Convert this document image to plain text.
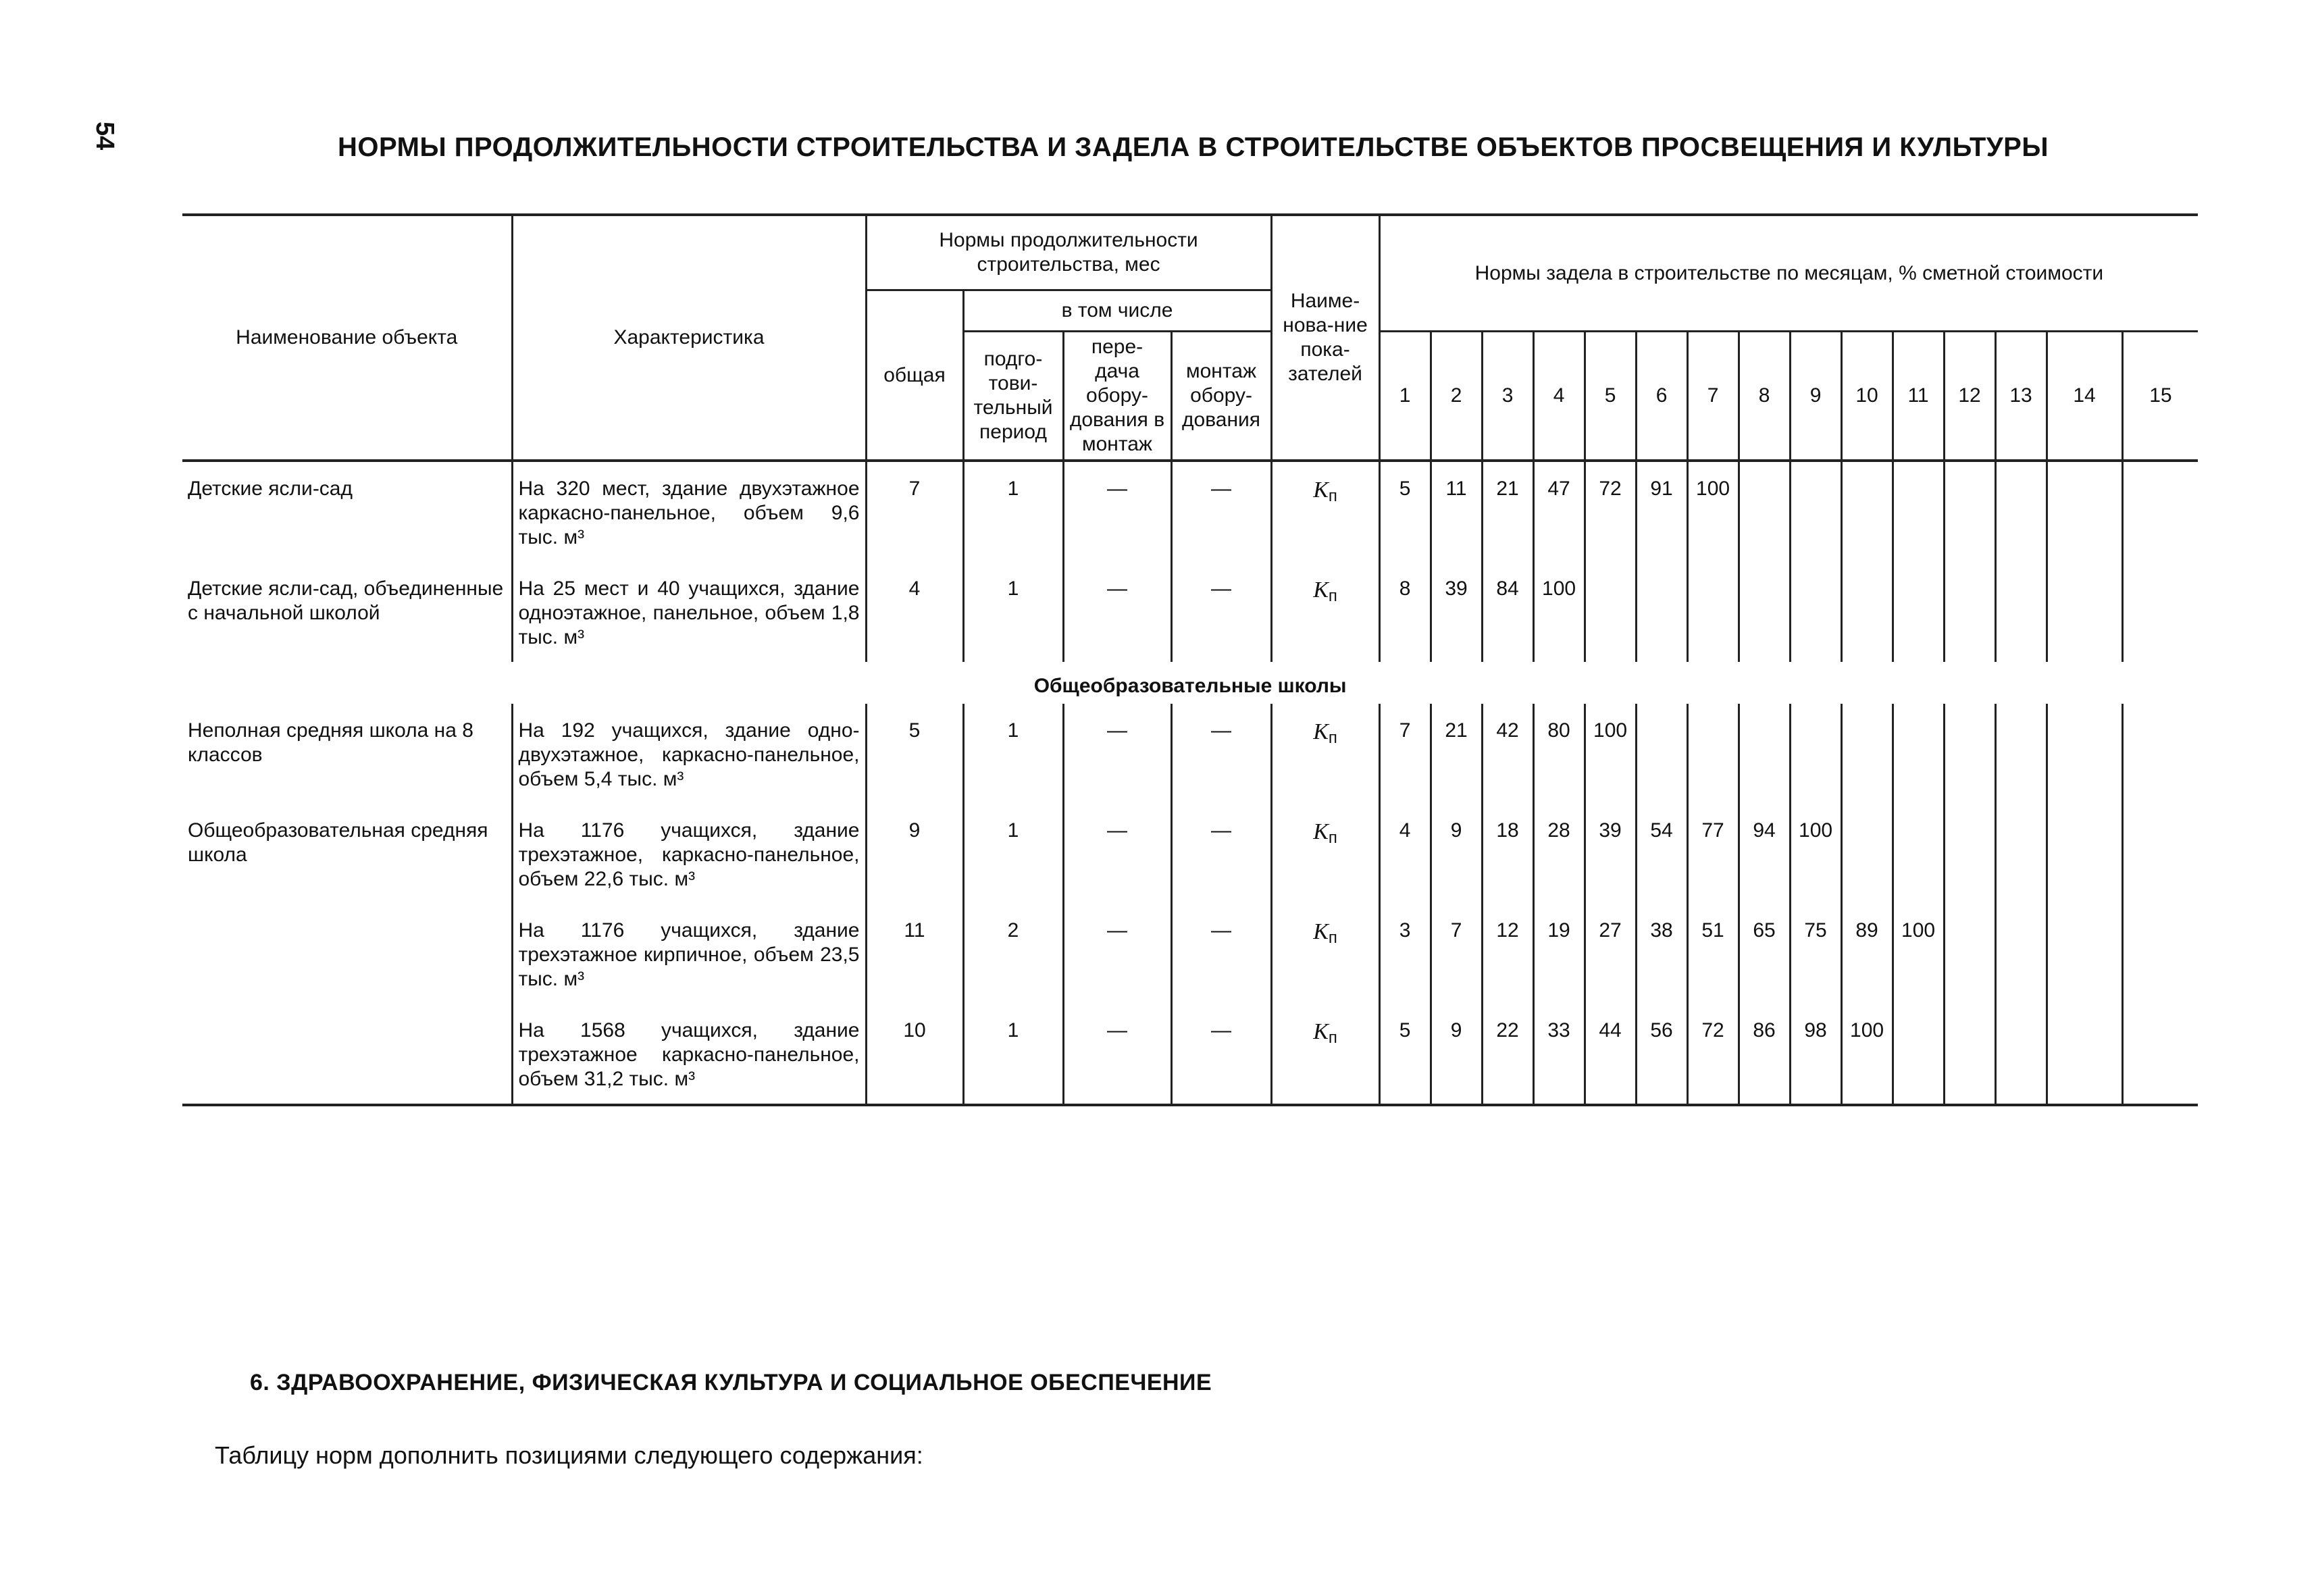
54	НОРМЫ ПРОДОЛЖИТЕЛЬНОСТИ СТРОИТЕЛЬСТВА И ЗАДЕЛА В СТРОИТЕЛЬСТВЕ ОБЪЕКТОВ ПРОСВЕЩЕНИЯ И КУЛЬТУРЫ
Наименование объекта	Характеристика	Нормы продолжительности строительства, мес				Наиме-нова-ние пока-зателей	Нормы задела в строительстве по месяцам, % сметной стоимости														
		общая	в том числе																		
			подго-тови-тельный период	пере-дача обору-дования в монтаж	монтаж обору-дования																
							1	2	3	4	5	6	7	8	9	10	11	12	13	14	15
Детские ясли-сад	На 320 мест, здание двухэтажное каркасно-панельное, объем 9,6 тыс. м³	7	1	—	—	$К_п$	5	11	21	47	72	91	100								
Детские ясли-сад, объединенные с начальной школой	На 25 мест и 40 учащихся, здание одноэтажное, панельное, объем 1,8 тыс. м³	4	1	—	—	$К_п$	8	39	84	100											
Общеобразовательные школы																					
Неполная средняя школа на 8 классов	На 192 учащихся, здание одно-двухэтажное, каркасно-панельное, объем 5,4 тыс. м³	5	1	—	—	$К_п$	7	21	42	80	100										
Общеобразовательная средняя школа	На 1176 учащихся, здание трехэтажное, каркасно-панельное, объем 22,6 тыс. м³	9	1	—	—	$К_п$	4	9	18	28	39	54	77	94	100						
	На 1176 учащихся, здание трехэтажное кирпичное, объем 23,5 тыс. м³	11	2	—	—	$К_п$	3	7	12	19	27	38	51	65	75	89	100				
	На 1568 учащихся, здание трехэтажное каркасно-панельное, объем 31,2 тыс. м³	10	1	—	—	$К_п$	5	9	22	33	44	56	72	86	98	100					
6. ЗДРАВООХРАНЕНИЕ, ФИЗИЧЕСКАЯ КУЛЬТУРА И СОЦИАЛЬНОЕ ОБЕСПЕЧЕНИЕ
Таблицу норм дополнить позициями следующего содержания:
